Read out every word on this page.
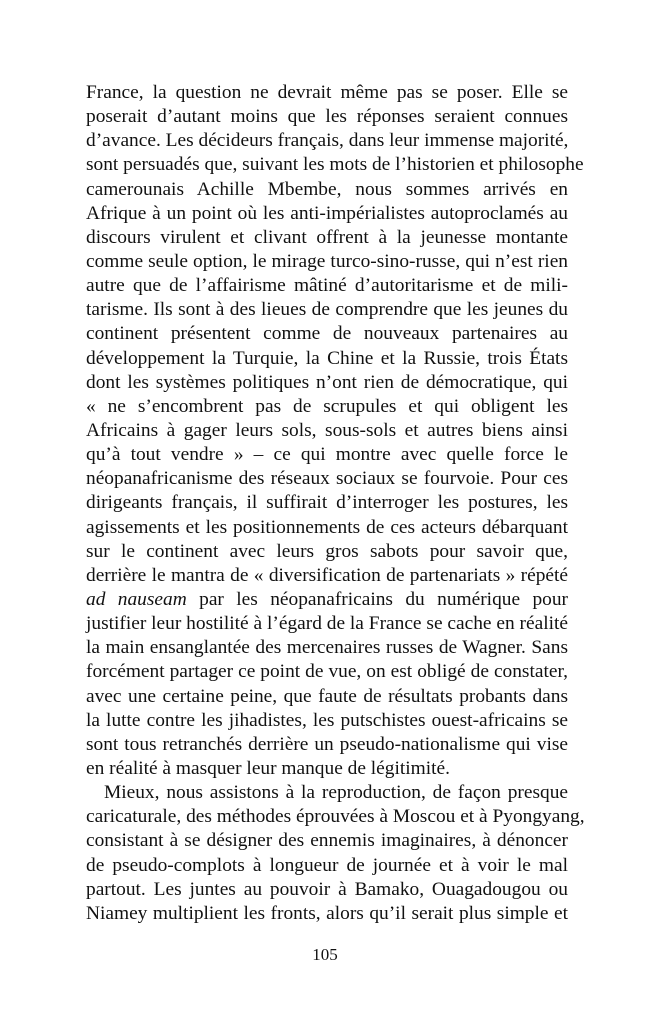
France, la question ne devrait même pas se poser. Elle se
poserait d’autant moins que les réponses seraient connues
d’avance. Les décideurs français, dans leur immense majorité,
sont persuadés que, suivant les mots de l’historien et philosophe
camerounais Achille Mbembe, nous sommes arrivés en
Afrique à un point où les anti-impérialistes autoproclamés au
discours virulent et clivant offrent à la jeunesse montante
comme seule option, le mirage turco-sino-russe, qui n’est rien
autre que de l’affairisme mâtiné d’autoritarisme et de mili-
tarisme. Ils sont à des lieues de comprendre que les jeunes du
continent présentent comme de nouveaux partenaires au
développement la Turquie, la Chine et la Russie, trois États
dont les systèmes politiques n’ont rien de démocratique, qui
« ne s’encombrent pas de scrupules et qui obligent les
Africains à gager leurs sols, sous-sols et autres biens ainsi
qu’à tout vendre » – ce qui montre avec quelle force le
néopanafricanisme des réseaux sociaux se fourvoie. Pour ces
dirigeants français, il suffirait d’interroger les postures, les
agissements et les positionnements de ces acteurs débarquant
sur le continent avec leurs gros sabots pour savoir que,
derrière le mantra de « diversification de partenariats » répété
ad nauseam par les néopanafricains du numérique pour
justifier leur hostilité à l’égard de la France se cache en réalité
la main ensanglantée des mercenaires russes de Wagner. Sans
forcément partager ce point de vue, on est obligé de constater,
avec une certaine peine, que faute de résultats probants dans
la lutte contre les jihadistes, les putschistes ouest-africains se
sont tous retranchés derrière un pseudo-nationalisme qui vise
en réalité à masquer leur manque de légitimité.
Mieux, nous assistons à la reproduction, de façon presque
caricaturale, des méthodes éprouvées à Moscou et à Pyongyang,
consistant à se désigner des ennemis imaginaires, à dénoncer
de pseudo-complots à longueur de journée et à voir le mal
partout. Les juntes au pouvoir à Bamako, Ouagadougou ou
Niamey multiplient les fronts, alors qu’il serait plus simple et
105
